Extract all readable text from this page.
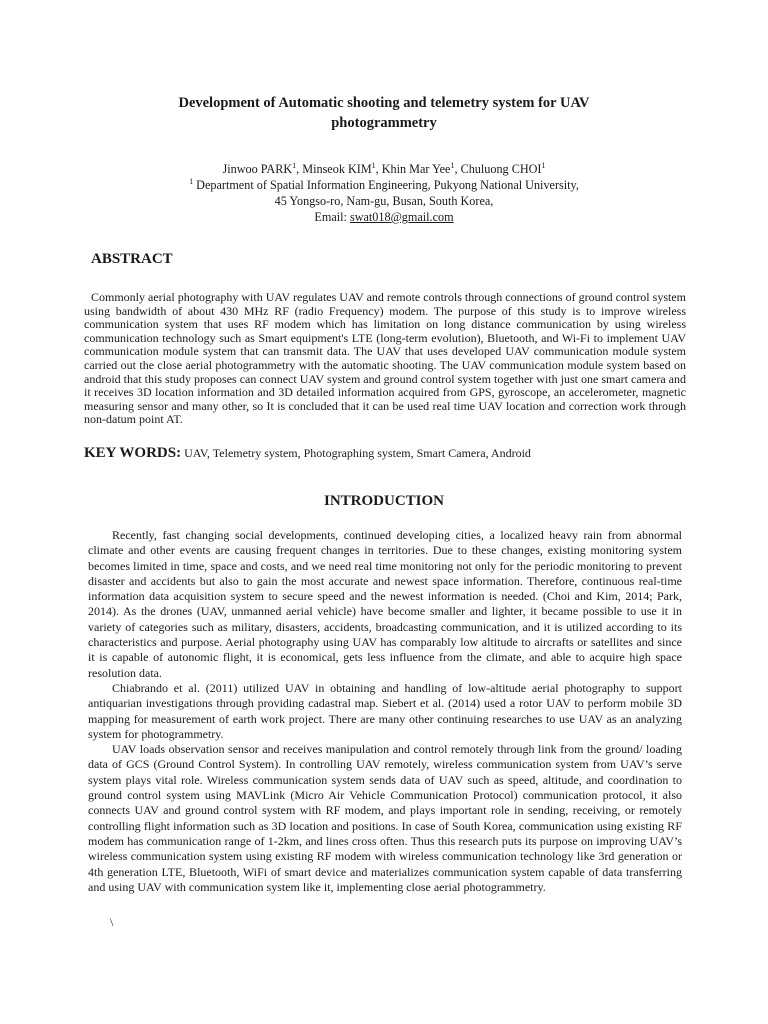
Development of Automatic shooting and telemetry system for UAV
photogrammetry
Jinwoo PARK$^1$, Minseok KIM$^1$, Khin Mar Yee$^1$, Chuluong CHOI$^1$
$^1$ Department of Spatial Information Engineering, Pukyong National University,
45 Yongso-ro, Nam-gu, Busan, South Korea,
Email: swat018@gmail.com
ABSTRACT
Commonly aerial photography with UAV regulates UAV and remote controls through connections of ground control system using bandwidth of about 430 MHz RF (radio Frequency) modem. The purpose of this study is to improve wireless communication system that uses RF modem which has limitation on long distance communication by using wireless communication technology such as Smart equipment's LTE (long-term evolution), Bluetooth, and Wi-Fi to implement UAV communication module system that can transmit data. The UAV that uses developed UAV communication module system carried out the close aerial photogrammetry with the automatic shooting. The UAV communication module system based on android that this study proposes can connect UAV system and ground control system together with just one smart camera and it receives 3D location information and 3D detailed information acquired from GPS, gyroscope, an accelerometer, magnetic measuring sensor and many other, so It is concluded that it can be used real time UAV location and correction work through non-datum point AT.
KEY WORDS: UAV, Telemetry system, Photographing system, Smart Camera, Android
INTRODUCTION

Recently, fast changing social developments, continued developing cities, a localized heavy rain from abnormal climate and other events are causing frequent changes in territories. Due to these changes, existing monitoring system becomes limited in time, space and costs, and we need real time monitoring not only for the periodic monitoring to prevent disaster and accidents but also to gain the most accurate and newest space information. Therefore, continuous real-time information data acquisition system to secure speed and the newest information is needed. (Choi and Kim, 2014; Park, 2014). As the drones (UAV, unmanned aerial vehicle) have become smaller and lighter, it became possible to use it in variety of categories such as military, disasters, accidents, broadcasting communication, and it is utilized according to its characteristics and purpose. Aerial photography using UAV has comparably low altitude to aircrafts or satellites and since it is capable of autonomic flight, it is economical, gets less influence from the climate, and able to acquire high space resolution data.

Chiabrando et al. (2011) utilized UAV in obtaining and handling of low-altitude aerial photography to support antiquarian investigations through providing cadastral map. Siebert et al. (2014) used a rotor UAV to perform mobile 3D mapping for measurement of earth work project. There are many other continuing researches to use UAV as an analyzing system for photogrammetry.

UAV loads observation sensor and receives manipulation and control remotely through link from the ground/ loading data of GCS (Ground Control System). In controlling UAV remotely, wireless communication system from UAV’s serve system plays vital role. Wireless communication system sends data of UAV such as speed, altitude, and coordination to ground control system using MAVLink (Micro Air Vehicle Communication Protocol) communication protocol, it also connects UAV and ground control system with RF modem, and plays important role in sending, receiving, or remotely controlling flight information such as 3D location and positions. In case of South Korea, communication using existing RF modem has communication range of 1-2km, and lines cross often. Thus this research puts its purpose on improving UAV’s wireless communication system using existing RF modem with wireless communication technology like 3rd generation or 4th generation LTE, Bluetooth, WiFi of smart device and materializes communication system capable of data transferring and using UAV with communication system like it, implementing close aerial photogrammetry.

\
